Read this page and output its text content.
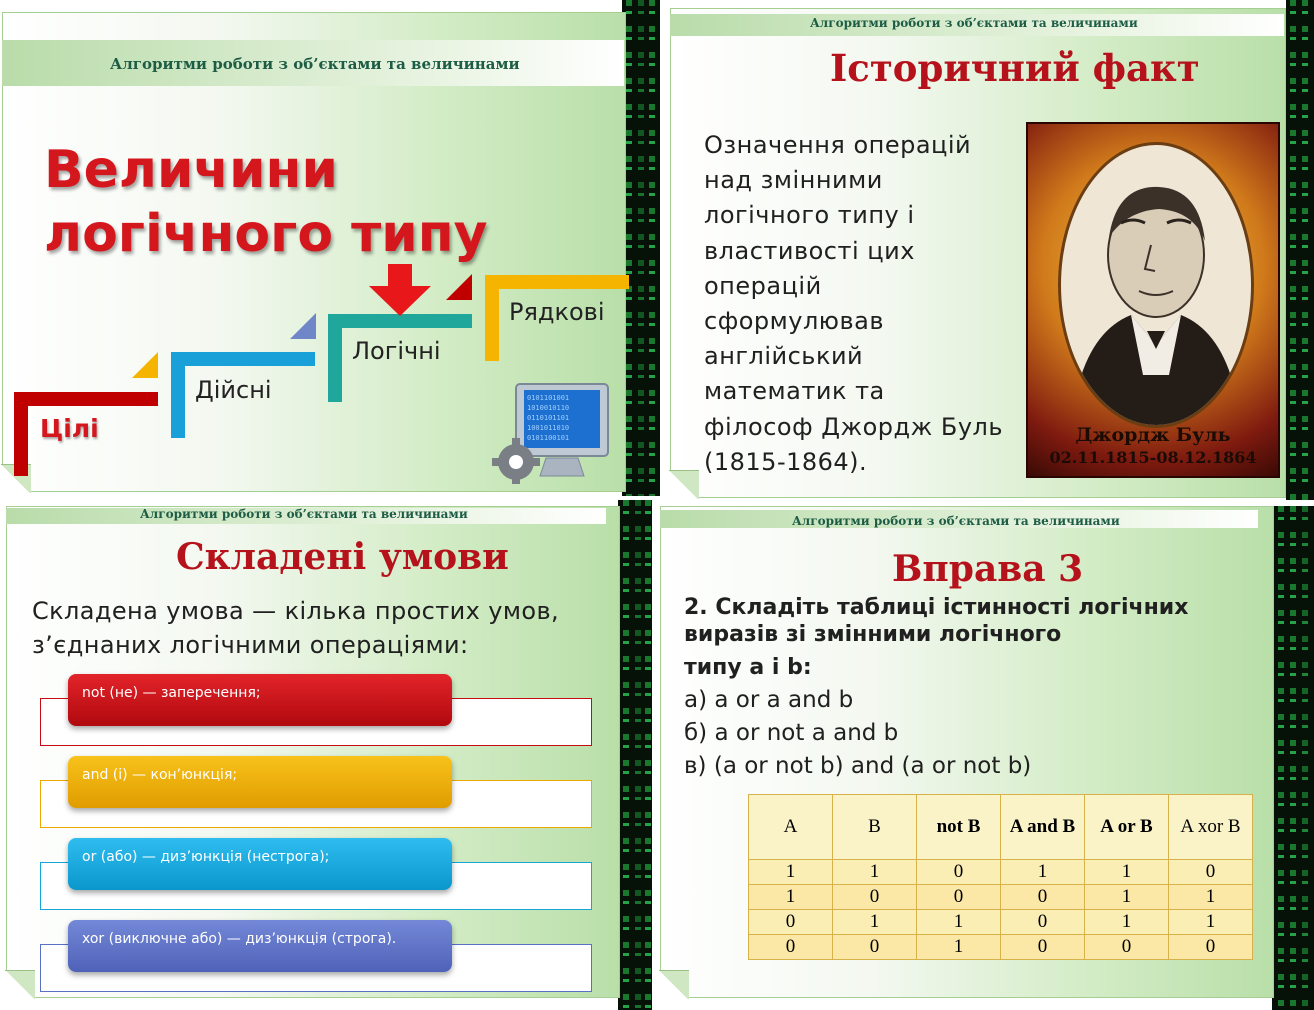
Алгоритми роботи з об’єктами та величинами
Величини логічного типу
Цілі
Дійсні
Логічні
Рядкові
0101101001
1010010110
0110101101
1001011010
0101100101
Алгоритми роботи з об’єктами та величинами
Історичний факт
Означення операцій
над змінними
логічного типу і
властивості цих
операцій
сформулював
англійський
математик та
філософ Джордж Буль
(1815-1864).
Джордж Буль
02.11.1815-08.12.1864
Алгоритми роботи з об’єктами та величинами
Складені умови
Складена умова — кілька простих умов,
з’єднаних логічними операціями:
not (не) — заперечення;
and (і) — кон’юнкція;
or (або) — диз’юнкція (нестрога);
xor (виключне або) — диз’юнкція (строга).
Алгоритми роботи з об’єктами та величинами
Вправа 3
2. Складіть таблиці істинності логічних
виразів зі змінними логічного
типу a і b:
а) a or a and b
б) a or not a and b
в) (a or not b) and (a or not b)
A	B	not B	A and B	A or B	A xor B
1	1	0	1	1	0
1	0	0	0	1	1
0	1	1	0	1	1
0	0	1	0	0	0
